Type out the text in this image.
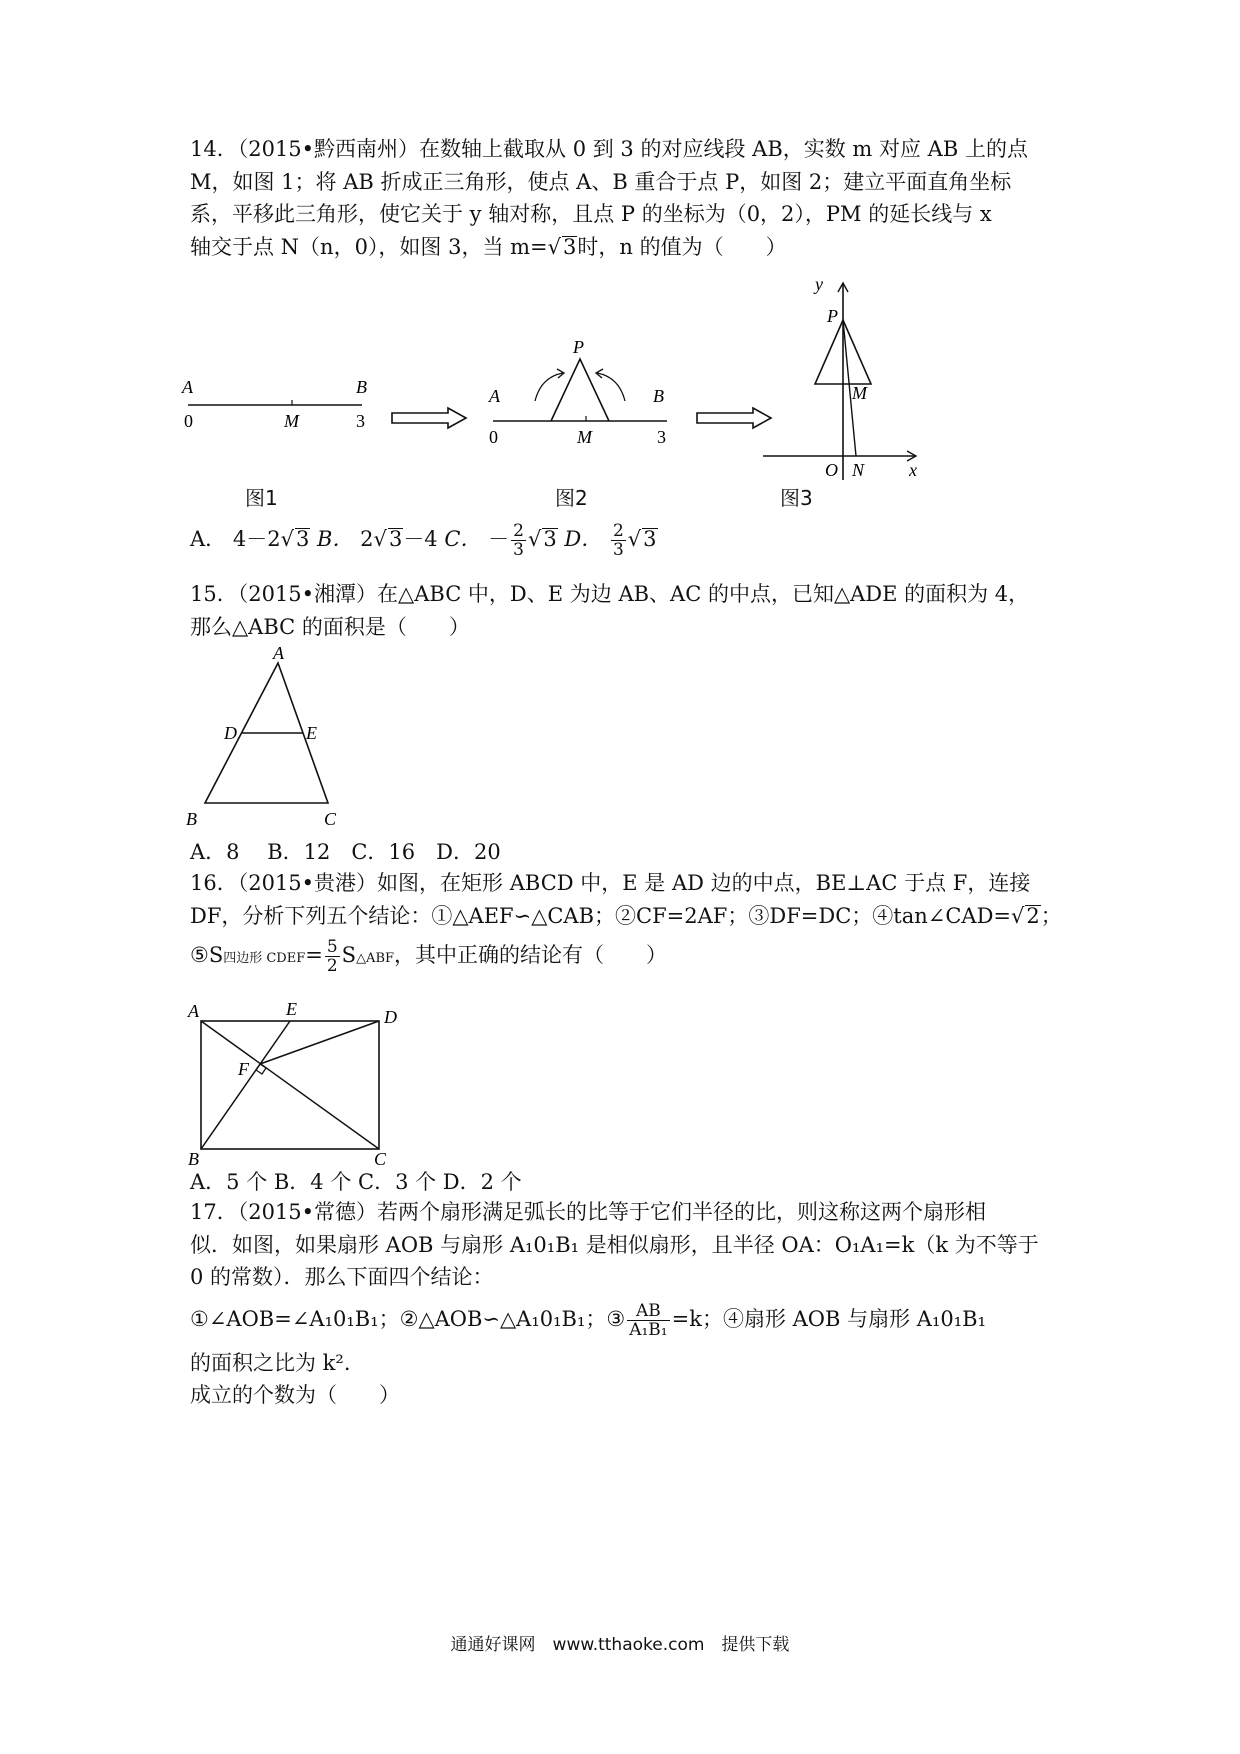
14．（2015•黔西南州）在数轴上截取从 0 到 3 的对应线段 AB，实数 m 对应 AB 上的点

M，如图 1；将 AB 折成正三角形，使点 A、B 重合于点 P，如图 2；建立平面直角坐标

系，平移此三角形，使它关于 y 轴对称，且点 P 的坐标为（0，2），PM 的延长线与 x

轴交于点 N（n，0），如图 3，当 m=√3时，n 的值为（　　）

A	B
0	M	3
P
A	B
0	M	3
y
P
M
O N x
图1	图2	图3
A． 4－2√3 B． 2√3－4 C． － $\frac{2}{3} √3$ D． $\frac{2}{3} √3$

15．（2015•湘潭）在△ABC 中，D、E 为边 AB、AC 的中点，已知△ADE 的面积为 4，

那么△ABC 的面积是（　　）

A
D	E
B	C
A．8　 B．12　C．16　D．20

16．（2015•贵港）如图，在矩形 ABCD 中，E 是 AD 边的中点，BE⊥AC 于点 F，连接

DF，分析下列五个结论：①△AEF∽△CAB；②CF=2AF；③DF=DC；④tan∠CAD=√2；

⑤S四边形 CDEF= $\frac{5}{2}$ S△ABF，其中正确的结论有（　　）

A	E	D
F
B	C
A．5 个 B．4 个 C．3 个 D．2 个

17．（2015•常德）若两个扇形满足弧长的比等于它们半径的比，则这称这两个扇形相

似．如图，如果扇形 AOB 与扇形 A₁0₁B₁ 是相似扇形，且半径 OA：O₁A₁=k（k 为不等于

0 的常数）．那么下面四个结论：

①∠AOB=∠A₁0₁B₁；②△AOB∽△A₁0₁B₁；③ $\frac{AB}{\text{A₁B₁}} =k$；④扇形 AOB 与扇形 A₁0₁B₁

的面积之比为 k².

成立的个数为（　　）

通通好课网　www.tthaoke.com　提供下载
